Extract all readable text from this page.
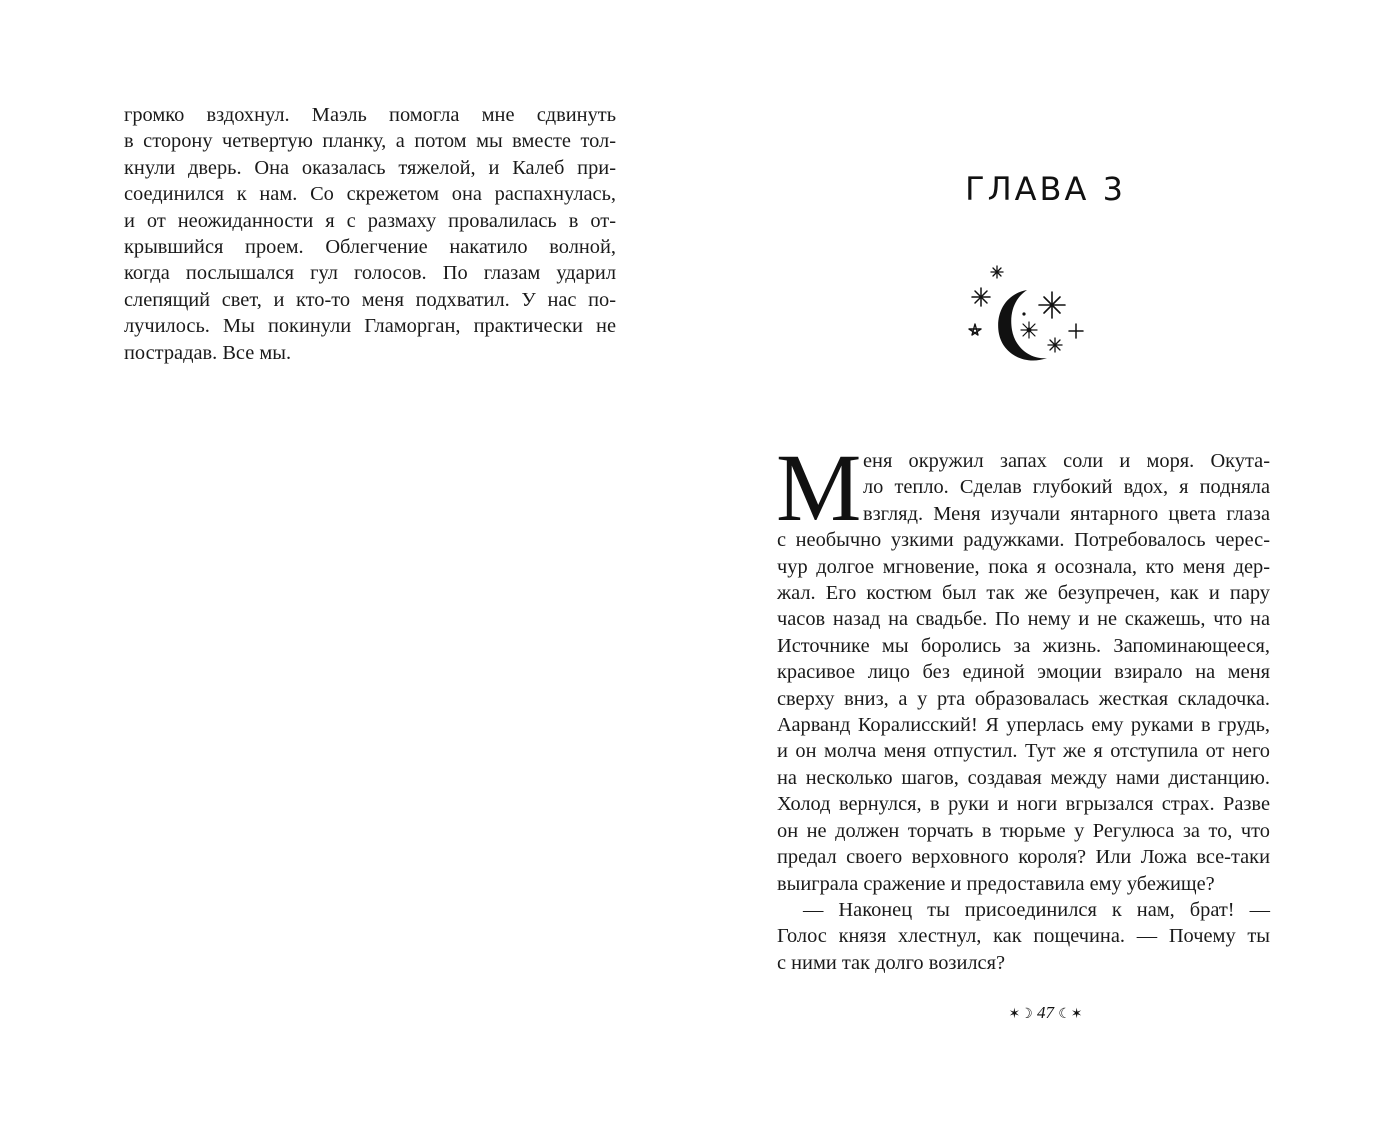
громко вздохнул. Маэль помогла мне сдвинуть
в сторону четвертую планку, а потом мы вместе тол-
кнули дверь. Она оказалась тяжелой, и Калеб при-
соединился к нам. Со скрежетом она распахнулась,
и от неожиданности я с размаху провалилась в от-
крывшийся проем. Облегчение накатило волной,
когда послышался гул голосов. По глазам ударил
слепящий свет, и кто-то меня подхватил. У нас по-
лучилось. Мы покинули Гламорган, практически не
пострадав. Все мы.
ГЛАВА 3
М еня окружил запах соли и моря. Окута-
ло тепло. Сделав глубокий вдох, я подняла
взгляд. Меня изучали янтарного цвета глаза
с необычно узкими радужками. Потребовалось черес-
чур долгое мгновение, пока я осознала, кто меня дер-
жал. Его костюм был так же безупречен, как и пару
часов назад на свадьбе. По нему и не скажешь, что на
Источнике мы боролись за жизнь. Запоминающееся,
красивое лицо без единой эмоции взирало на меня
сверху вниз, а у рта образовалась жесткая складочка.
Аарванд Коралисский! Я уперлась ему руками в грудь,
и он молча меня отпустил. Тут же я отступила от него
на несколько шагов, создавая между нами дистанцию.
Холод вернулся, в руки и ноги вгрызался страх. Разве
он не должен торчать в тюрьме у Регулюса за то, что
предал своего верховного короля? Или Ложа все-таки
выиграла сражение и предоставила ему убежище?
— Наконец ты присоединился к нам, брат! —
Голос князя хлестнул, как пощечина. — Почему ты
с ними так долго возился?
✶☽ 47 ☾✶
